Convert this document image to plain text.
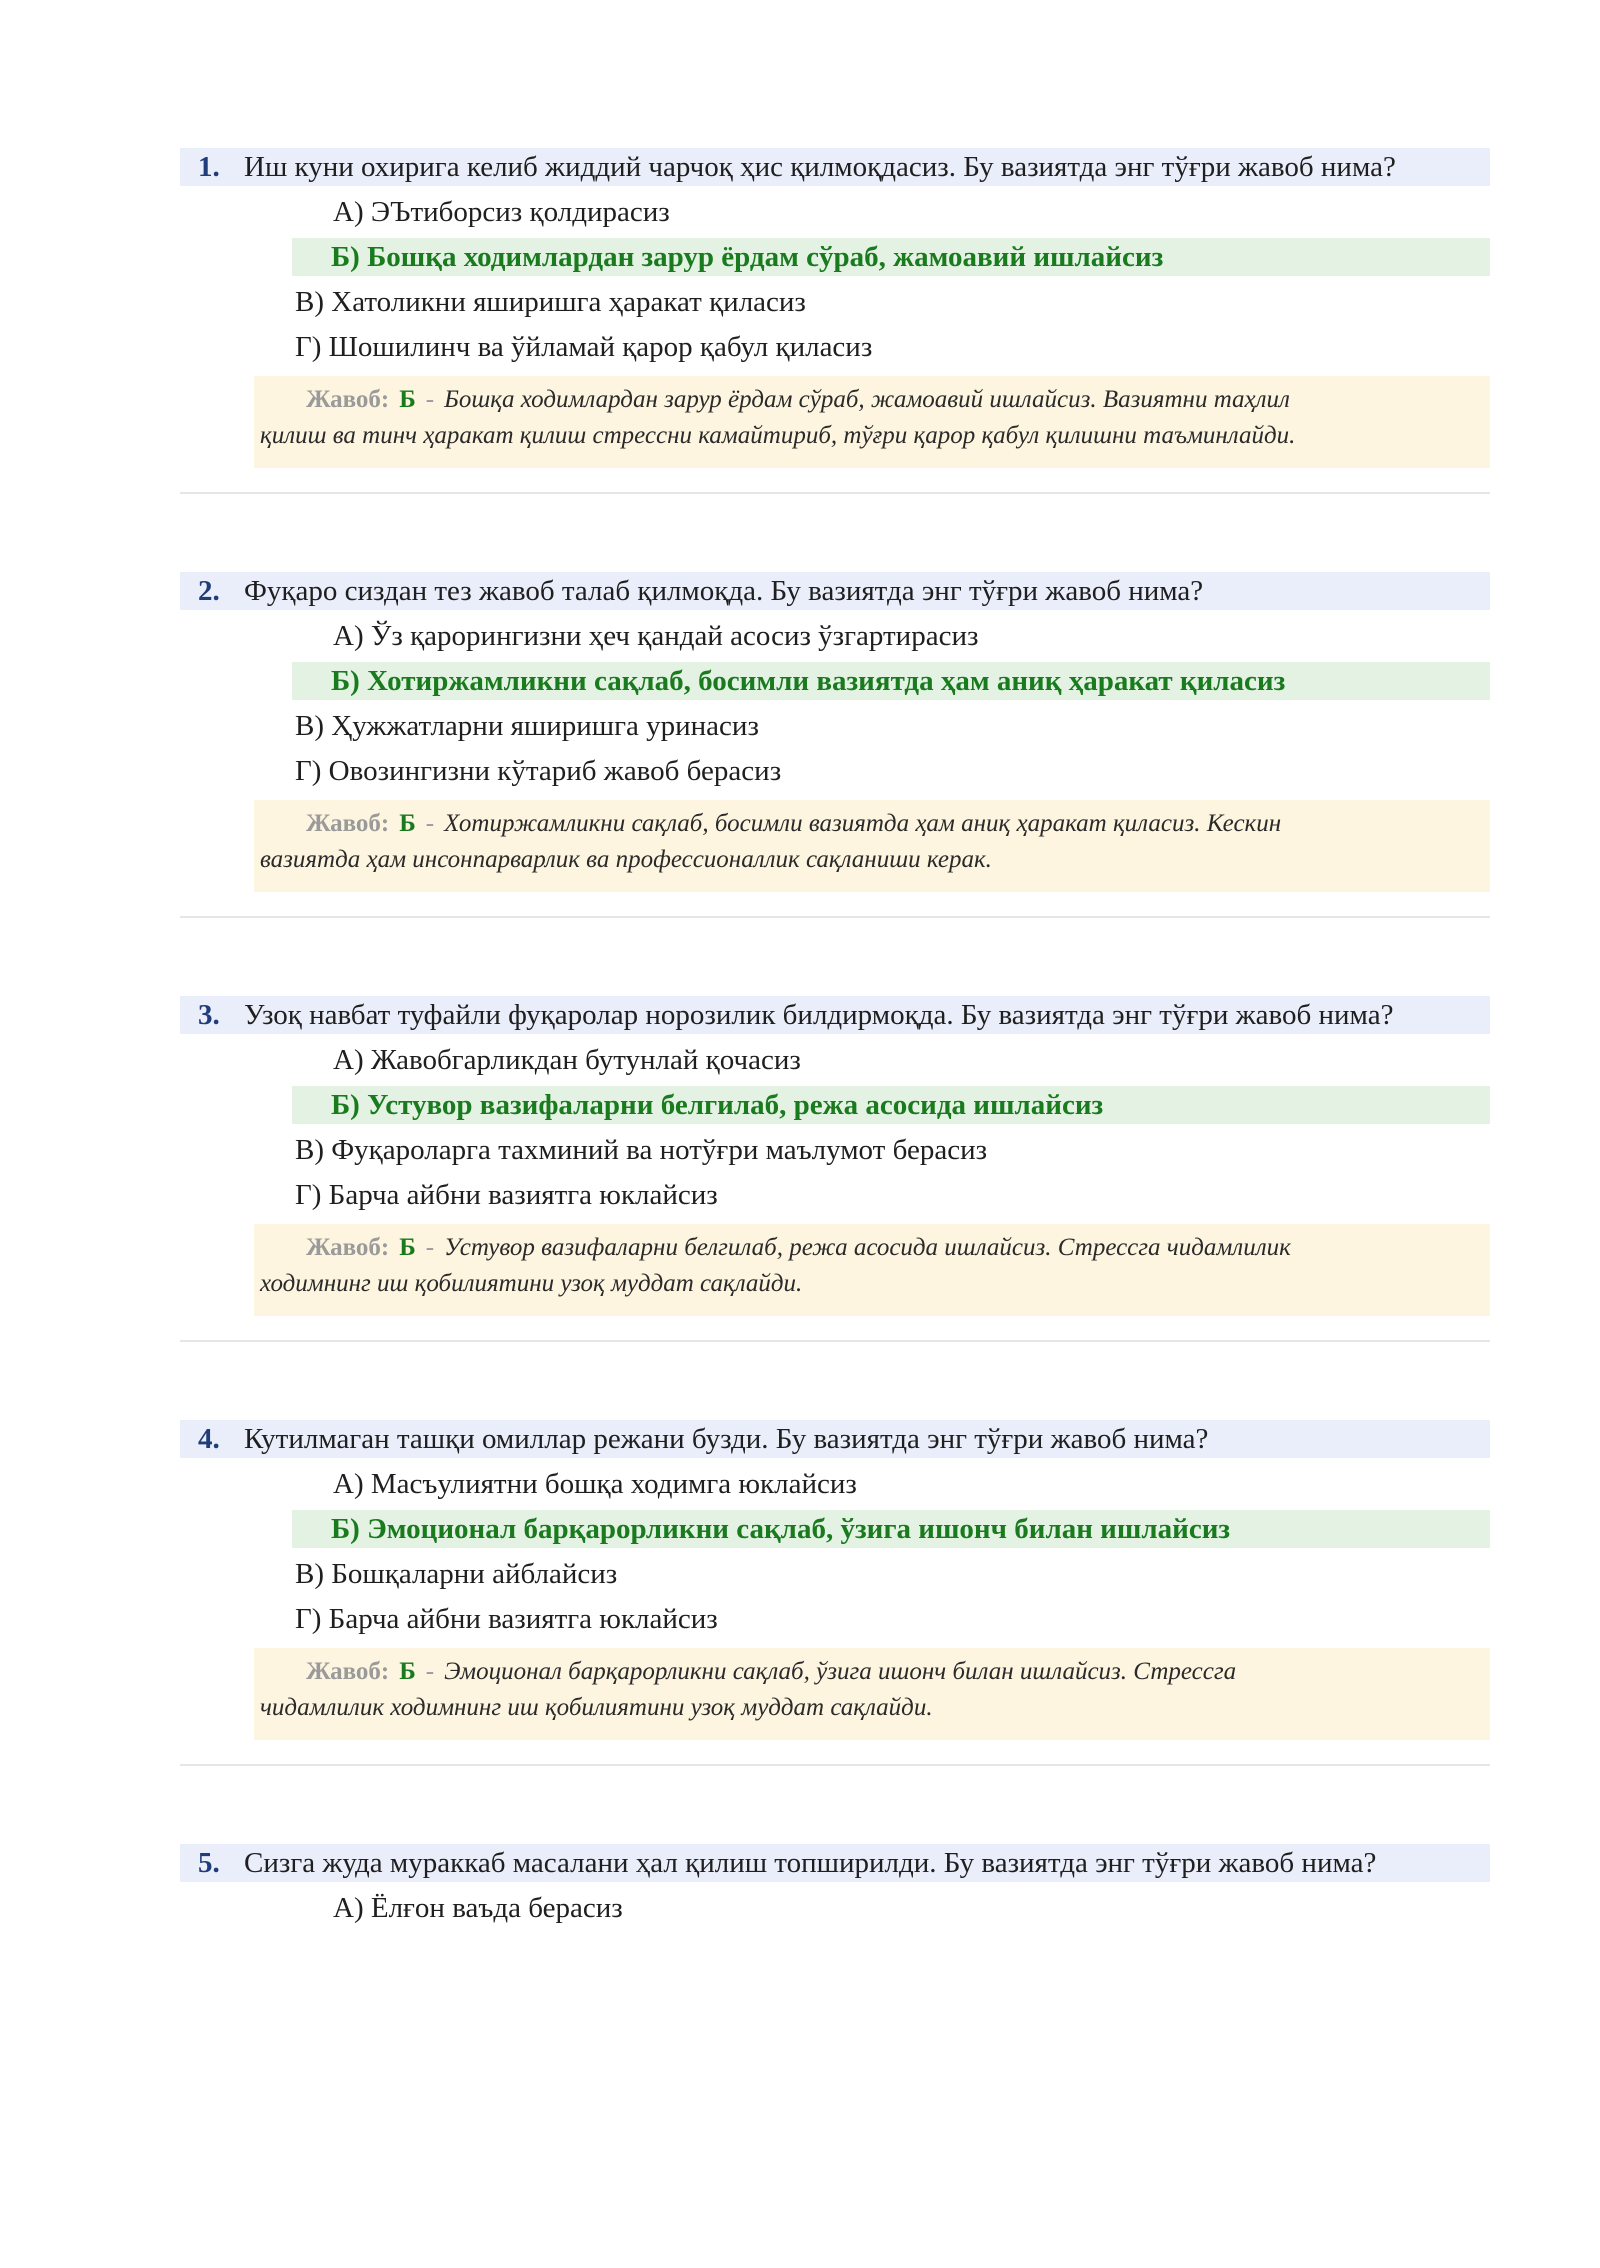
1. Иш куни охирига келиб жиддий чарчоқ ҳис қилмоқдасиз. Бу вазиятда энг тўғри жавоб нима?
А) ЭЪтиборсиз қолдирасиз
Б) Бошқа ходимлардан зарур ёрдам сўраб, жамоавий ишлайсиз
В) Хатоликни яширишга ҳаракат қиласиз
Г) Шошилинч ва ўйламай қарор қабул қиласиз
Жавоб: Б - Бошқа ходимлардан зарур ёрдам сўраб, жамоавий ишлайсиз. Вазиятни таҳлил
қилиш ва тинч ҳаракат қилиш стрессни камайтириб, тўғри қарор қабул қилишни таъминлайди.
2. Фуқаро сиздан тез жавоб талаб қилмоқда. Бу вазиятда энг тўғри жавоб нима?
А) Ўз қарорингизни ҳеч қандай асосиз ўзгартирасиз
Б) Хотиржамликни сақлаб, босимли вазиятда ҳам аниқ ҳаракат қиласиз
В) Ҳужжатларни яширишга уринасиз
Г) Овозингизни кўтариб жавоб берасиз
Жавоб: Б - Хотиржамликни сақлаб, босимли вазиятда ҳам аниқ ҳаракат қиласиз. Кескин
вазиятда ҳам инсонпарварлик ва профессионаллик сақланиши керак.
3. Узоқ навбат туфайли фуқаролар норозилик билдирмоқда. Бу вазиятда энг тўғри жавоб нима?
А) Жавобгарликдан бутунлай қочасиз
Б) Устувор вазифаларни белгилаб, режа асосида ишлайсиз
В) Фуқароларга тахминий ва нотўғри маълумот берасиз
Г) Барча айбни вазиятга юклайсиз
Жавоб: Б - Устувор вазифаларни белгилаб, режа асосида ишлайсиз. Стрессга чидамлилик
ходимнинг иш қобилиятини узоқ муддат сақлайди.
4. Кутилмаган ташқи омиллар режани бузди. Бу вазиятда энг тўғри жавоб нима?
А) Масъулиятни бошқа ходимга юклайсиз
Б) Эмоционал барқарорликни сақлаб, ўзига ишонч билан ишлайсиз
В) Бошқаларни айблайсиз
Г) Барча айбни вазиятга юклайсиз
Жавоб: Б - Эмоционал барқарорликни сақлаб, ўзига ишонч билан ишлайсиз. Стрессга
чидамлилик ходимнинг иш қобилиятини узоқ муддат сақлайди.
5. Сизга жуда мураккаб масалани ҳал қилиш топширилди. Бу вазиятда энг тўғри жавоб нима?
А) Ёлғон ваъда берасиз
